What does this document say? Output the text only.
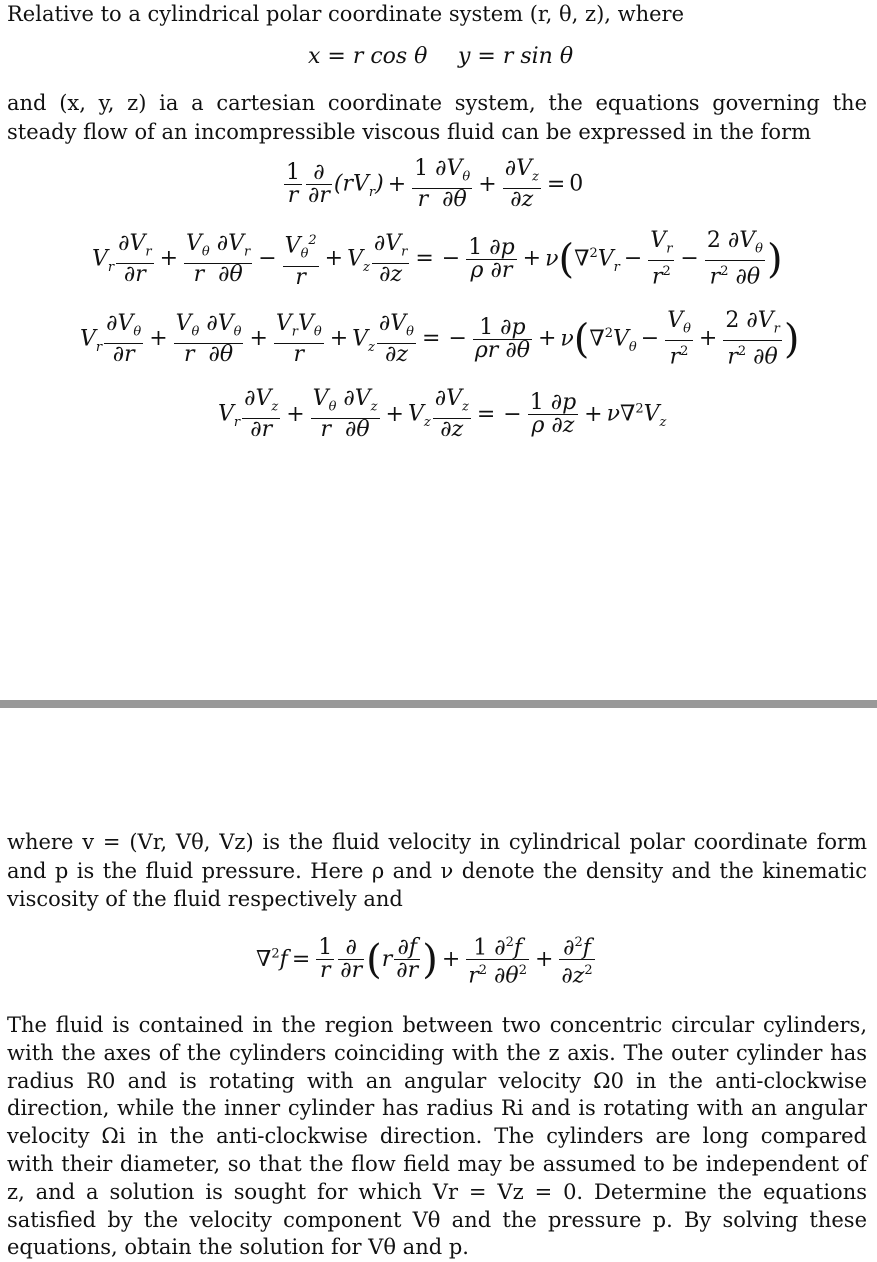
Relative to a cylindrical polar coordinate system (r, θ, z), where
x = r cos θ y = r sin θ
and (x, y, z) ia a cartesian coordinate system, the equations governing the steady flow of an incompressible viscous fluid can be expressed in the form
$\frac{1}{r} \frac{\partial}{\partial r} (rV_r) + \frac{1 \partial V_\theta}{r \partial\theta} + \frac{\partial V_z}{\partial z} = 0$
$V_r \frac{\partial V_r}{\partial r} + \frac{V_\theta \partial V_r}{r \partial\theta} - \frac{V_\theta^2}{r} + V_z \frac{\partial V_r}{\partial z}$ = − $\frac{1 \partial p}{\rho \partial r} + \nu(\nabla^2V_r - \frac{V_r}{r^2} - \frac{2 \partial V_\theta}{r^2 \partial\theta}$ )
$V_r \frac{\partial V_\theta}{\partial r} + \frac{V_\theta \partial V_\theta}{r \partial\theta} + \frac{V_rV_\theta}{r} + V_z \frac{\partial V_\theta}{\partial z}$ = − $\frac{1 \partial p}{\rho r \partial\theta} + \nu(\nabla^2V_\theta - \frac{V_\theta}{r^2} + \frac{2 \partial V_r}{r^2 \partial\theta}$ )
$V_r \frac{\partial V_z}{\partial r} + \frac{V_\theta \partial V_z}{r \partial\theta} + V_z \frac{\partial V_z}{\partial z}$ = − $\frac{1 \partial p}{\rho \partial z} + \nu\nabla^2V_z$
where v = (Vr, Vθ, Vz) is the fluid velocity in cylindrical polar coordinate form and p is the fluid pressure. Here ρ and ν denote the density and the kinematic viscosity of the fluid respectively and
$\nabla^2f = \frac{1}{r} \frac{\partial}{\partial r} (r \frac{\partial f}{\partial r}$ ) + $\frac{1 \partial^2f}{r^2 \partial\theta^2} + \frac{\partial^2f}{\partial z^2}$
The fluid is contained in the region between two concentric circular cylinders, with the axes of the cylinders coinciding with the z axis. The outer cylinder has radius R0 and is rotating with an angular velocity Ω0 in the anti-clockwise direction, while the inner cylinder has radius Ri and is rotating with an angular velocity Ωi in the anti-clockwise direction. The cylinders are long compared with their diameter, so that the flow field may be assumed to be independent of z, and a solution is sought for which Vr = Vz = 0. Determine the equations satisfied by the velocity component Vθ and the pressure p. By solving these equations, obtain the solution for Vθ and p.
